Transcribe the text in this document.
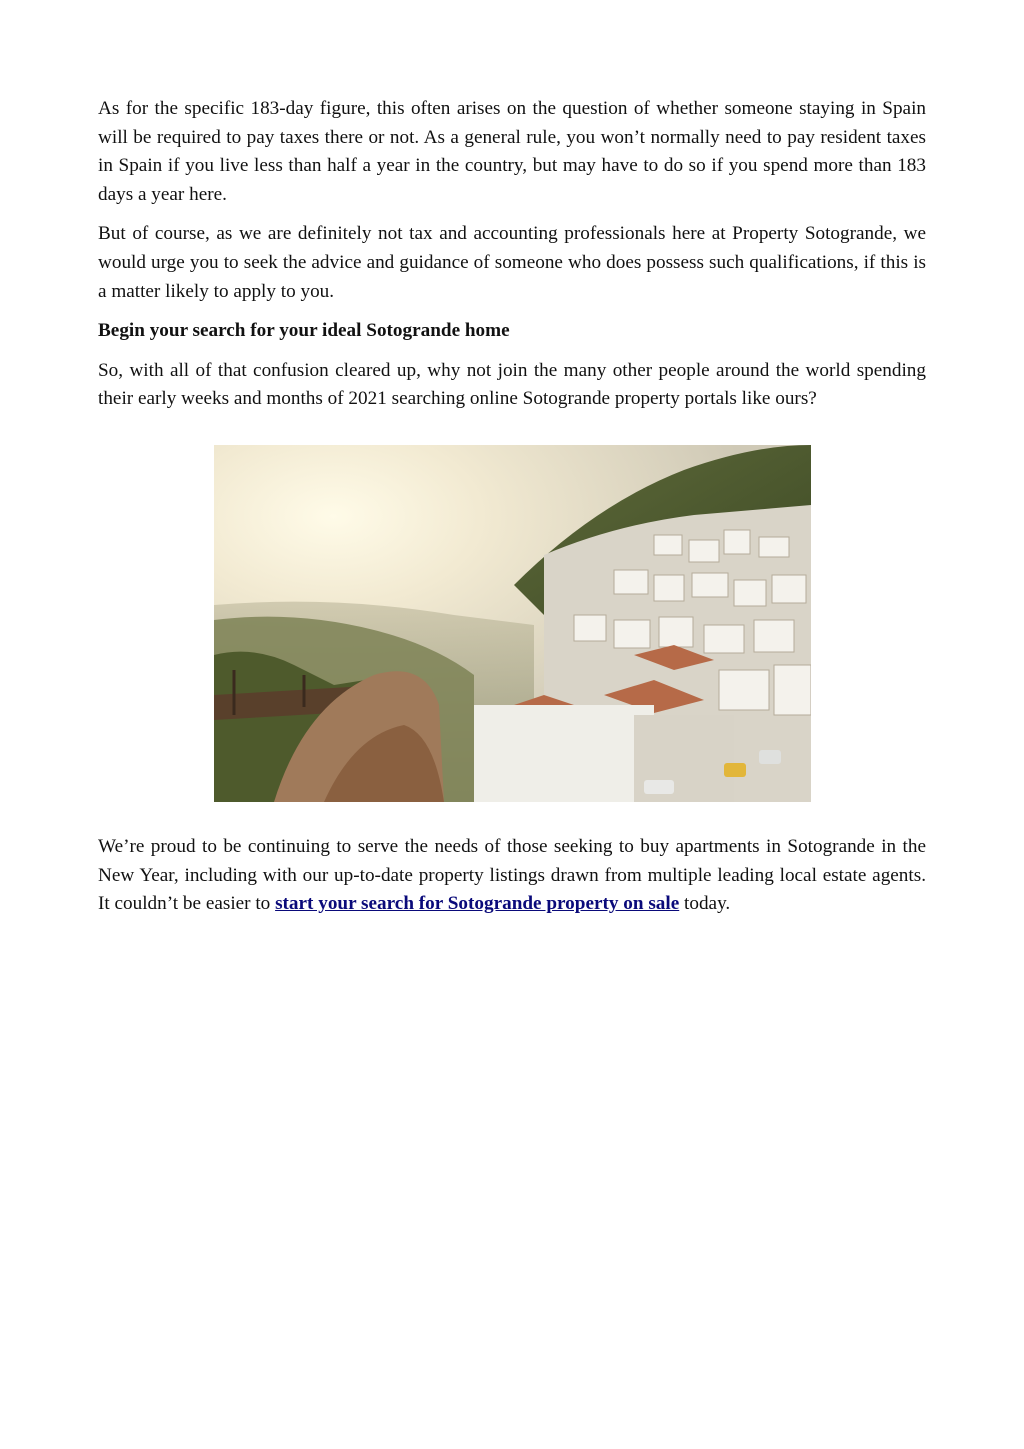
As for the specific 183-day figure, this often arises on the question of whether someone staying in Spain will be required to pay taxes there or not. As a general rule, you won’t normally need to pay resident taxes in Spain if you live less than half a year in the country, but may have to do so if you spend more than 183 days a year here.

But of course, as we are definitely not tax and accounting professionals here at Property Sotogrande, we would urge you to seek the advice and guidance of someone who does possess such qualifications, if this is a matter likely to apply to you.

Begin your search for your ideal Sotogrande home

So, with all of that confusion cleared up, why not join the many other people around the world spending their early weeks and months of 2021 searching online Sotogrande property portals like ours?

We’re proud to be continuing to serve the needs of those seeking to buy apartments in Sotogrande in the New Year, including with our up-to-date property listings drawn from multiple leading local estate agents. It couldn’t be easier to start your search for Sotogrande property on sale today.
